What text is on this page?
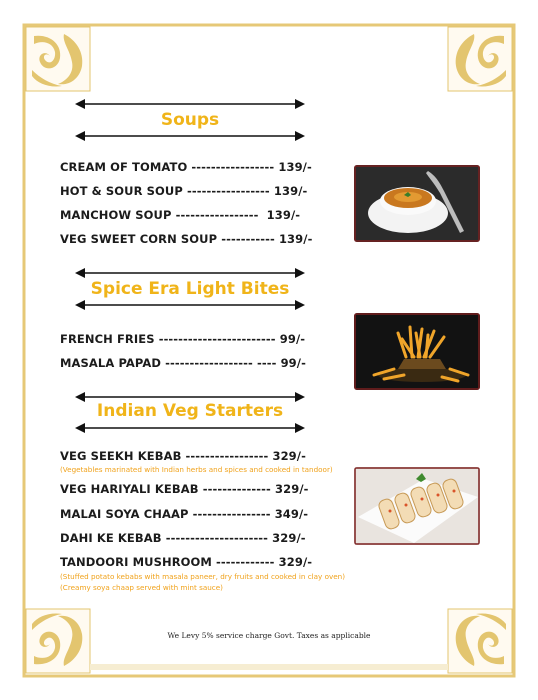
Soups
CREAM OF TOMATO ----------------- 139/-
HOT & SOUR SOUP ----------------- 139/-
MANCHOW SOUP -----------------  139/-
VEG SWEET CORN SOUP ----------- 139/-
Spice Era Light Bites
FRENCH FRIES ------------------------ 99/-
MASALA PAPAD ------------------ ---- 99/-
Indian Veg Starters
VEG SEEKH KEBAB ----------------- 329/-
(Vegetables marinated with Indian herbs and spices and cooked in tandoor)
VEG HARIYALI KEBAB -------------- 329/-
MALAI SOYA CHAAP ---------------- 349/-
DAHI KE KEBAB --------------------- 329/-
TANDOORI MUSHROOM ------------ 329/-
(Stuffed potato kebabs with masala paneer, dry fruits and cooked in clay oven)
(Creamy soya chaap served with mint sauce)
We Levy 5% service charge Govt. Taxes as applicable
